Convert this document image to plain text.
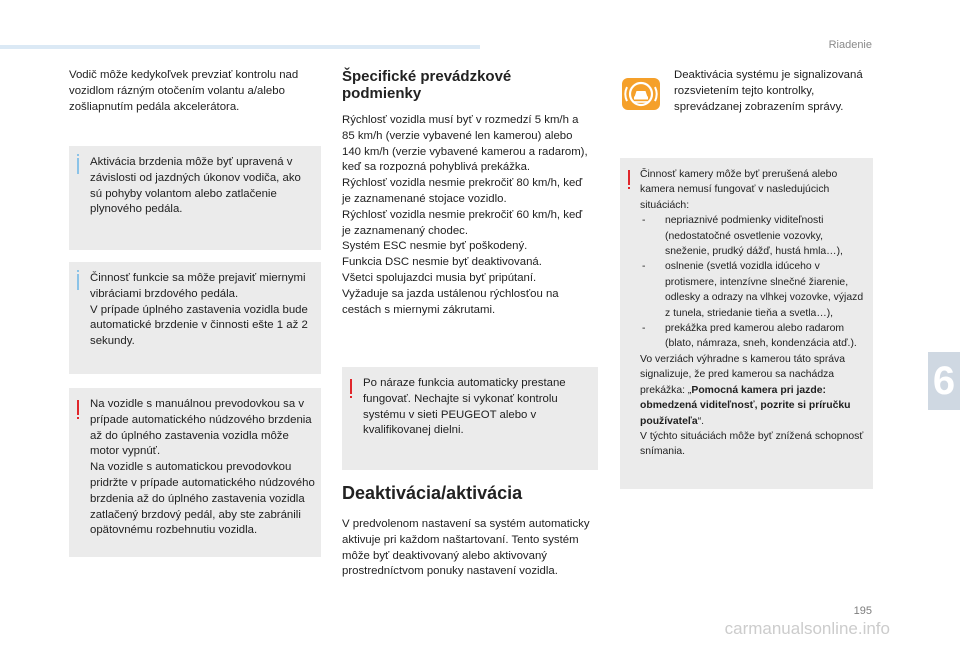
Riadenie
6

Vodič môže kedykoľvek prevziať kontrolu nad vozidlom rázným otočením volantu a/alebo zošliapnutím pedála akcelerátora.

Aktivácia brzdenia môže byť upravená v závislosti od jazdných úkonov vodiča, ako sú pohyby volantom alebo zatlačenie plynového pedála.

Činnosť funkcie sa môže prejaviť miernymi vibráciami brzdového pedála.

V prípade úplného zastavenia vozidla bude automatické brzdenie v činnosti ešte 1 až 2 sekundy.

Na vozidle s manuálnou prevodovkou sa v prípade automatického núdzového brzdenia až do úplného zastavenia vozidla môže motor vypnúť.

Na vozidle s automatickou prevodovkou pridržte v prípade automatického núdzového brzdenia až do úplného zastavenia vozidla zatlačený brzdový pedál, aby ste zabránili opätovnému rozbehnutiu vozidla.

Špecifické prevádzkové podmienky

Rýchlosť vozidla musí byť v rozmedzí 5 km/h a 85 km/h (verzie vybavené len kamerou) alebo 140 km/h (verzie vybavené kamerou a radarom), keď sa rozpozná pohyblivá prekážka.

Rýchlosť vozidla nesmie prekročiť 80 km/h, keď je zaznamenané stojace vozidlo.

Rýchlosť vozidla nesmie prekročiť 60 km/h, keď je zaznamenaný chodec.

Systém ESC nesmie byť poškodený.

Funkcia DSC nesmie byť deaktivovaná.

Všetci spolujazdci musia byť pripútaní.

Vyžaduje sa jazda ustálenou rýchlosťou na cestách s miernymi zákrutami.

Po náraze funkcia automaticky prestane fungovať. Nechajte si vykonať kontrolu systému v sieti PEUGEOT alebo v kvalifikovanej dielni.

Deaktivácia/aktivácia

V predvolenom nastavení sa systém automaticky aktivuje pri každom naštartovaní. Tento systém môže byť deaktivovaný alebo aktivovaný prostredníctvom ponuky nastavení vozidla.

Deaktivácia systému je signalizovaná rozsvietením tejto kontrolky, sprevádzanej zobrazením správy.

Činnosť kamery môže byť prerušená alebo kamera nemusí fungovať v nasledujúcich situáciách:

- nepriaznivé podmienky viditeľnosti (nedostatočné osvetlenie vozovky, sneženie, prudký dážď, hustá hmla…),
- oslnenie (svetlá vozidla idúceho v protismere, intenzívne slnečné žiarenie, odlesky a odrazy na vlhkej vozovke, výjazd z tunela, striedanie tieňa a svetla…),
- prekážka pred kamerou alebo radarom (blato, námraza, sneh, kondenzácia atď.).

Vo verziách výhradne s kamerou táto správa signalizuje, že pred kamerou sa nachádza prekážka: „Pomocná kamera pri jazde: obmedzená viditeľnosť, pozrite si príručku používateľa“.

V týchto situáciách môže byť znížená schopnosť snímania.

195
carmanualsonline.info
